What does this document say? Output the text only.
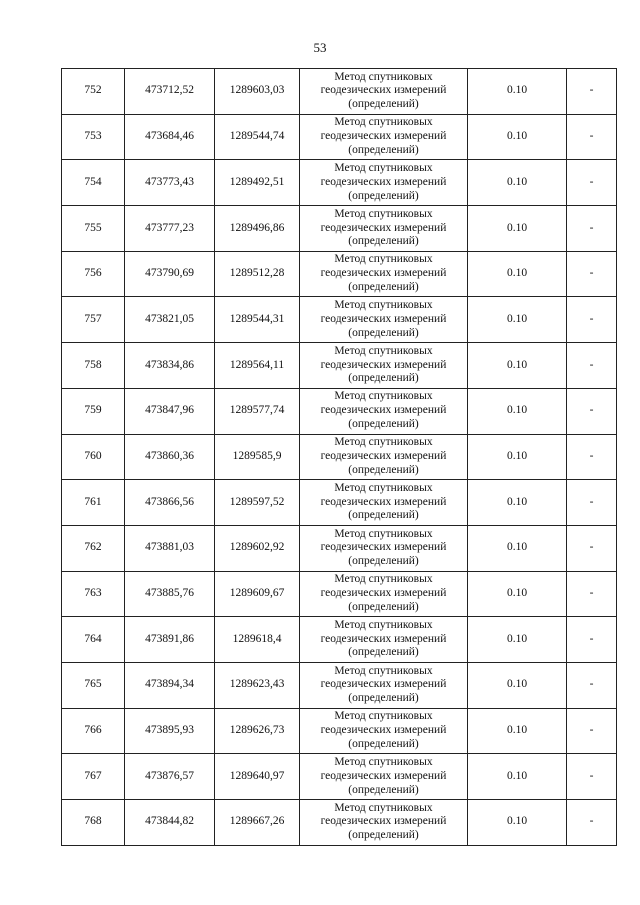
53
752	473712,52	1289603,03	Метод спутниковых
геодезических измерений
(определений)	0.10	-
753	473684,46	1289544,74	Метод спутниковых
геодезических измерений
(определений)	0.10	-
754	473773,43	1289492,51	Метод спутниковых
геодезических измерений
(определений)	0.10	-
755	473777,23	1289496,86	Метод спутниковых
геодезических измерений
(определений)	0.10	-
756	473790,69	1289512,28	Метод спутниковых
геодезических измерений
(определений)	0.10	-
757	473821,05	1289544,31	Метод спутниковых
геодезических измерений
(определений)	0.10	-
758	473834,86	1289564,11	Метод спутниковых
геодезических измерений
(определений)	0.10	-
759	473847,96	1289577,74	Метод спутниковых
геодезических измерений
(определений)	0.10	-
760	473860,36	1289585,9	Метод спутниковых
геодезических измерений
(определений)	0.10	-
761	473866,56	1289597,52	Метод спутниковых
геодезических измерений
(определений)	0.10	-
762	473881,03	1289602,92	Метод спутниковых
геодезических измерений
(определений)	0.10	-
763	473885,76	1289609,67	Метод спутниковых
геодезических измерений
(определений)	0.10	-
764	473891,86	1289618,4	Метод спутниковых
геодезических измерений
(определений)	0.10	-
765	473894,34	1289623,43	Метод спутниковых
геодезических измерений
(определений)	0.10	-
766	473895,93	1289626,73	Метод спутниковых
геодезических измерений
(определений)	0.10	-
767	473876,57	1289640,97	Метод спутниковых
геодезических измерений
(определений)	0.10	-
768	473844,82	1289667,26	Метод спутниковых
геодезических измерений
(определений)	0.10	-
